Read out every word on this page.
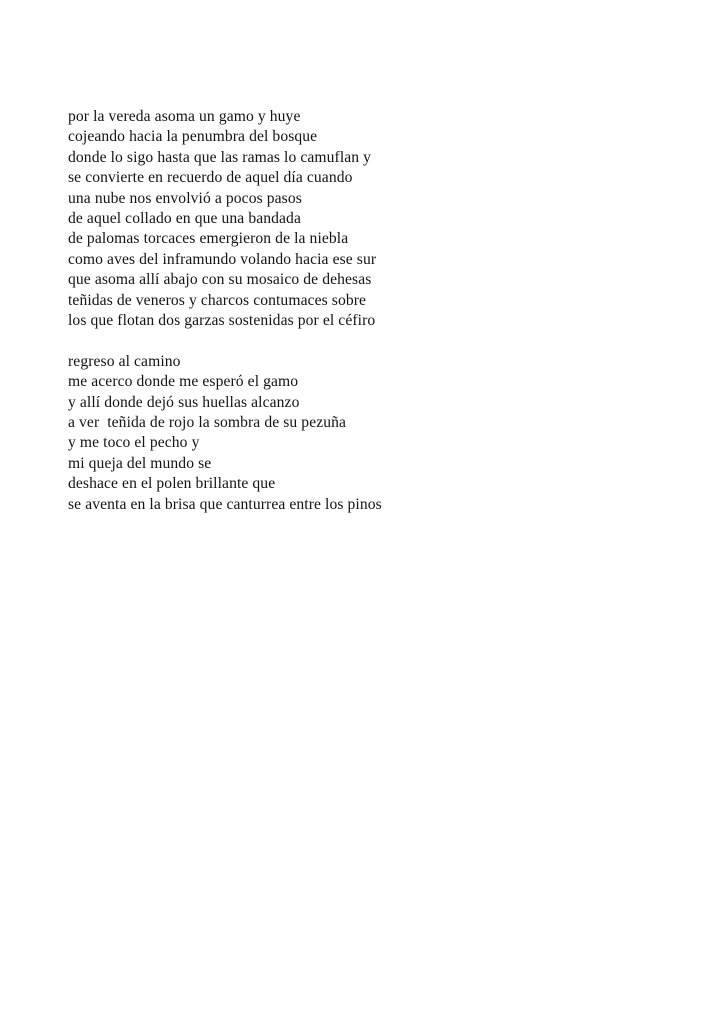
por la vereda asoma un gamo y huye
cojeando hacia la penumbra del bosque
donde lo sigo hasta que las ramas lo camuflan y
se convierte en recuerdo de aquel día cuando
una nube nos envolvió a pocos pasos
de aquel collado en que una bandada
de palomas torcaces emergieron de la niebla
como aves del inframundo volando hacia ese sur
que asoma allí abajo con su mosaico de dehesas
teñidas de veneros y charcos contumaces sobre
los que flotan dos garzas sostenidas por el céfiro
regreso al camino
me acerco donde me esperó el gamo
y allí donde dejó sus huellas alcanzo
a ver  teñida de rojo la sombra de su pezuña
y me toco el pecho y
mi queja del mundo se
deshace en el polen brillante que
se aventa en la brisa que canturrea entre los pinos
